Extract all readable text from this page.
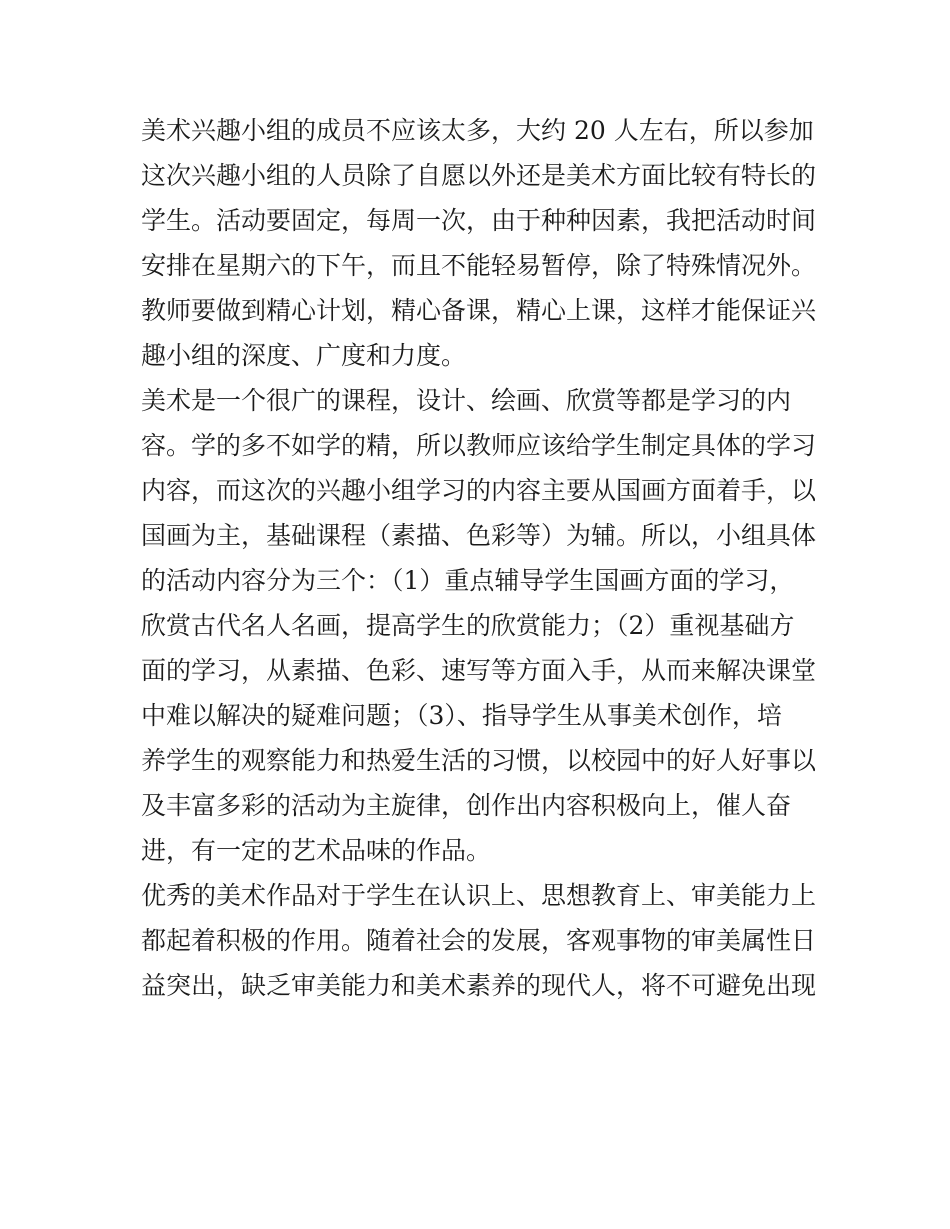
美术兴趣小组的成员不应该太多，大约 20 人左右，所以参加
这次兴趣小组的人员除了自愿以外还是美术方面比较有特长的
学生。活动要固定，每周一次，由于种种因素，我把活动时间
安排在星期六的下午，而且不能轻易暂停，除了特殊情况外。
教师要做到精心计划，精心备课，精心上课，这样才能保证兴
趣小组的深度、广度和力度。
美术是一个很广的课程，设计、绘画、欣赏等都是学习的内
容。学的多不如学的精，所以教师应该给学生制定具体的学习
内容，而这次的兴趣小组学习的内容主要从国画方面着手，以
国画为主，基础课程（素描、色彩等）为辅。所以，小组具体
的活动内容分为三个：（1）重点辅导学生国画方面的学习，
欣赏古代名人名画，提高学生的欣赏能力；（2）重视基础方
面的学习，从素描、色彩、速写等方面入手，从而来解决课堂
中难以解决的疑难问题；（3）、指导学生从事美术创作，培
养学生的观察能力和热爱生活的习惯，以校园中的好人好事以
及丰富多彩的活动为主旋律，创作出内容积极向上，催人奋
进，有一定的艺术品味的作品。
优秀的美术作品对于学生在认识上、思想教育上、审美能力上
都起着积极的作用。随着社会的发展，客观事物的审美属性日
益突出，缺乏审美能力和美术素养的现代人，将不可避免出现
